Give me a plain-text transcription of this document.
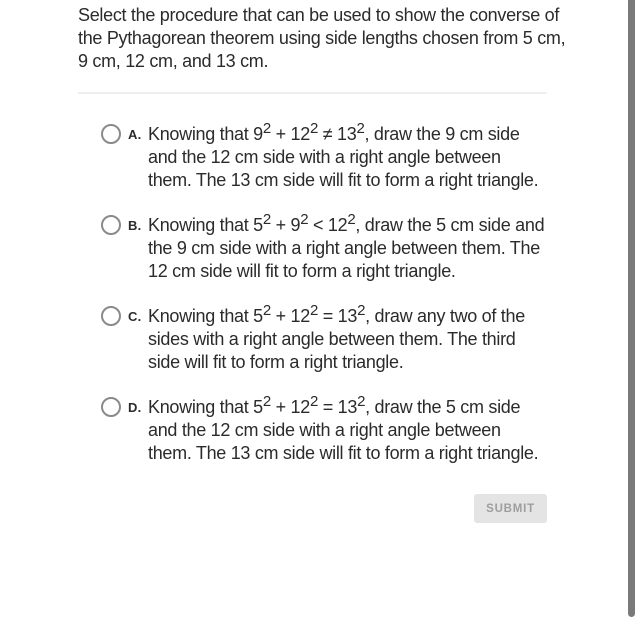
Select the procedure that can be used to show the converse of the Pythagorean theorem using side lengths chosen from 5 cm, 9 cm, 12 cm, and 13 cm.
A. Knowing that $9^2 + 12^2 \ne 13^2$, draw the 9 cm side and the 12 cm side with a right angle between them. The 13 cm side will fit to form a right triangle.
B. Knowing that $5^2 + 9^2 < 12^2$, draw the 5 cm side and the 9 cm side with a right angle between them. The 12 cm side will fit to form a right triangle.
C. Knowing that $5^2 + 12^2 = 13^2$, draw any two of the sides with a right angle between them. The third side will fit to form a right triangle.
D. Knowing that $5^2 + 12^2 = 13^2$, draw the 5 cm side and the 12 cm side with a right angle between them. The 13 cm side will fit to form a right triangle.
SUBMIT
